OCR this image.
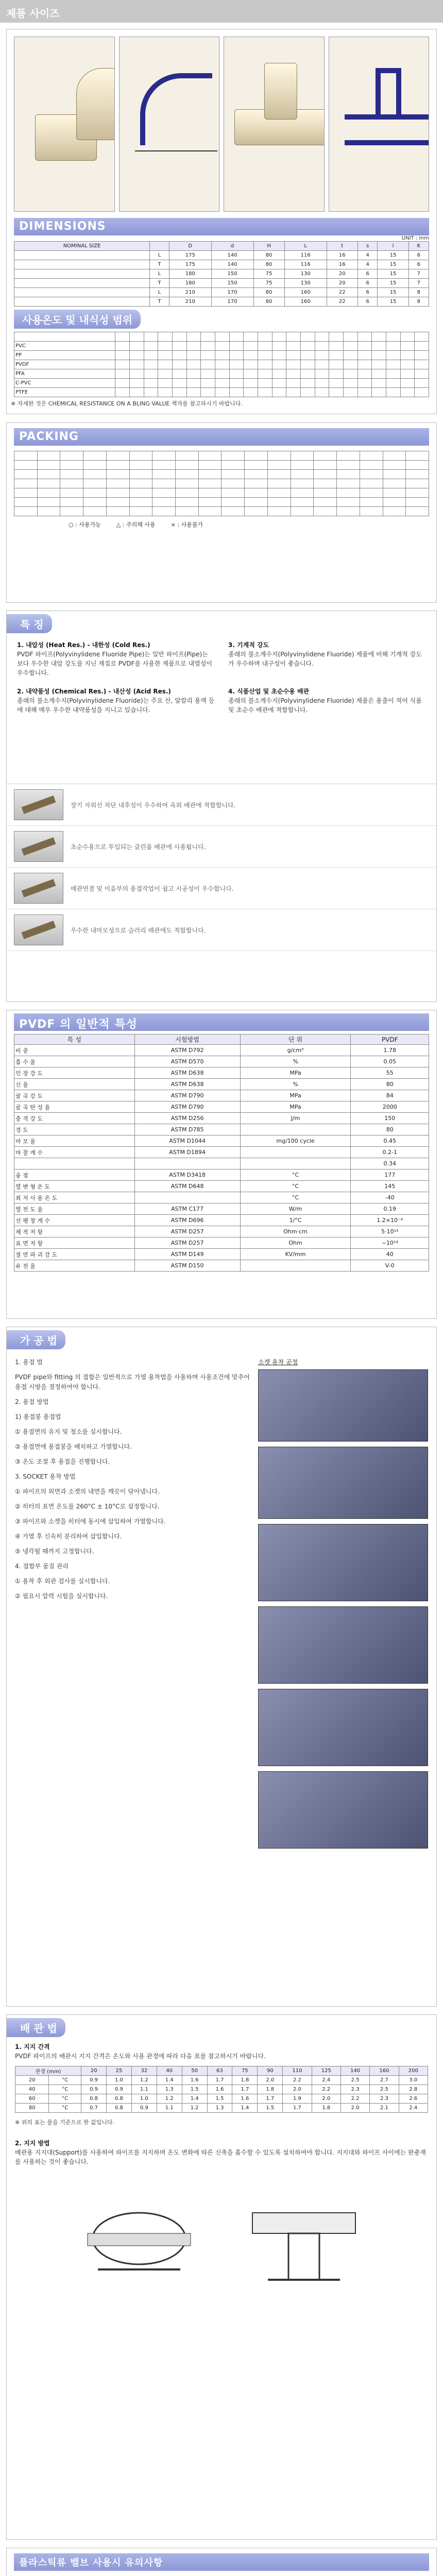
제품 사이즈
DIMENSIONS
UNIT : mm
NOMINAL SIZE		D	d	H	L	t	s	l	K
	L	175	140	80	116	16	4	15	6
	T	175	140	80	116	16	4	15	6
	L	180	150	75	130	20	6	15	7
	T	180	150	75	130	20	6	15	7
	L	210	170	80	160	22	6	15	8
	T	210	170	80	160	22	6	15	8
사용온도 및 내식성 범위

PVC																						
PP																						
PVDF																						
PFA																						
C-PVC																						
PTFE																						
※ 자세한 것은 CHEMICAL RESISTANCE ON A BLING VALUE 책자를 참고하시기 바랍니다.
PACKING

○ : 사용가능	△ : 주의해 사용	× : 사용불가
특 징
1. 내압성 (Heat Res.) - 내한성 (Cold Res.)
PVDF 파이프(Polyvinylidene Fluoride Pipe)는 일반 파이프(Pipe)는 보다 우수한 내압 강도를 지닌 재질로 PVDF를 사용한 제품으로 내열성이 우수합니다.
3. 기계적 강도
종래의 불소계수지(Polyvinylidene Fluoride) 제품에 비해 기계적 강도가 우수하며 내구성이 좋습니다.
2. 내약품성 (Chemical Res.) - 내산성 (Acid Res.)
종래의 불소계수지(Polyvinylidene Fluoride)는 주요 산, 알칼리 용액 등에 대해 매우 우수한 내약품성을 지니고 있습니다.
4. 식품산업 및 초순수용 배관
종래의 불소계수지(Polyvinylidene Fluoride) 제품은 용출이 적어 식품 및 초순수 배관에 적합합니다.
장기 자외선 차단 내후성이 우수하여 옥외 배관에 적합합니다.
초순수용으로 투입되는 클린룸 배관에 사용됩니다.
배관연결 및 이음부의 용접작업이 쉽고 시공성이 우수합니다.
우수한 내마모성으로 슬러리 배관에도 적합합니다.
PVDF 의 일반적 특성
특 성	시험방법	단 위	PVDF
비 중	ASTM D792	g/cm³	1.78
흡 수 율	ASTM D570	%	0.05
인 장 강 도	ASTM D638	MPa	55
신 율	ASTM D638	%	80
굴 곡 강 도	ASTM D790	MPa	84
굴 곡 탄 성 율	ASTM D790	MPa	2000
충 격 강 도	ASTM D256	J/m	150
경 도	ASTM D785		80
마 모 율	ASTM D1044	mg/100 cycle	0.45
마 찰 계 수	ASTM D1894		0.2-1
			0.34
융 점	ASTM D3418	°C	177
열 변 형 온 도	ASTM D648	°C	145
최 저 사 용 온 도		°C	-40
열 전 도 율	ASTM C177	W/m	0.19
선 팽 창 계 수	ASTM D696	1/°C	1.2×10⁻⁴
체 적 저 항	ASTM D257	Ohm·cm	5·10¹⁴
표 면 저 항	ASTM D257	Ohm	~10¹⁴
절 연 파 괴 강 도	ASTM D149	KV/mm	40
유 전 율	ASTM D150		V-0
가 공 법

1. 용접 법

PVDF pipe와 fitting 의 접합은 일반적으로 가열 용착법을 사용하며 사용조건에 맞추어 용접 시방을 결정하여야 합니다.

2. 용접 방법

1) 용접봉 용접법

① 용접면의 유지 및 청소를 실시합니다.

② 용접면에 용접봉을 배치하고 가열합니다.

③ 온도 조절 후 용접을 진행합니다.

3. SOCKET 용착 방법

① 파이프의 외면과 소켓의 내면을 깨끗이 닦아냅니다.

② 히터의 표면 온도를 260°C ± 10°C로 설정합니다.

③ 파이프와 소켓을 히터에 동시에 삽입하여 가열합니다.

④ 가열 후 신속히 분리하여 삽입합니다.

⑤ 냉각될 때까지 고정합니다.

4. 접합부 품질 관리

① 용착 후 외관 검사를 실시합니다.

② 필요시 압력 시험을 실시합니다.

소켓 용착 공정
배 관 법
1. 지지 간격
PVDF 파이프의 배관시 지지 간격은 온도와 사용 관경에 따라 다음 표를 참고하시기 바랍니다.
관경 (mm)		20	25	32	40	50	63	75	90	110	125	140	160	200
20	°C	0.9	1.0	1.2	1.4	1.6	1.7	1.8	2.0	2.2	2.4	2.5	2.7	3.0
40	°C	0.9	0.9	1.1	1.3	1.5	1.6	1.7	1.8	2.0	2.2	2.3	2.5	2.8
60	°C	0.8	0.8	1.0	1.2	1.4	1.5	1.6	1.7	1.9	2.0	2.2	2.3	2.6
80	°C	0.7	0.8	0.9	1.1	1.2	1.3	1.4	1.5	1.7	1.8	2.0	2.1	2.4
※ 위의 표는 물을 기준으로 한 값입니다.
2. 지지 방법
배관용 지지대(Support)를 사용하여 파이프를 지지하며 온도 변화에 따른 신축을 흡수할 수 있도록 설치하여야 합니다. 지지대와 파이프 사이에는 완충재를 사용하는 것이 좋습니다.
플라스틱류 밸브 사용시 유의사항
